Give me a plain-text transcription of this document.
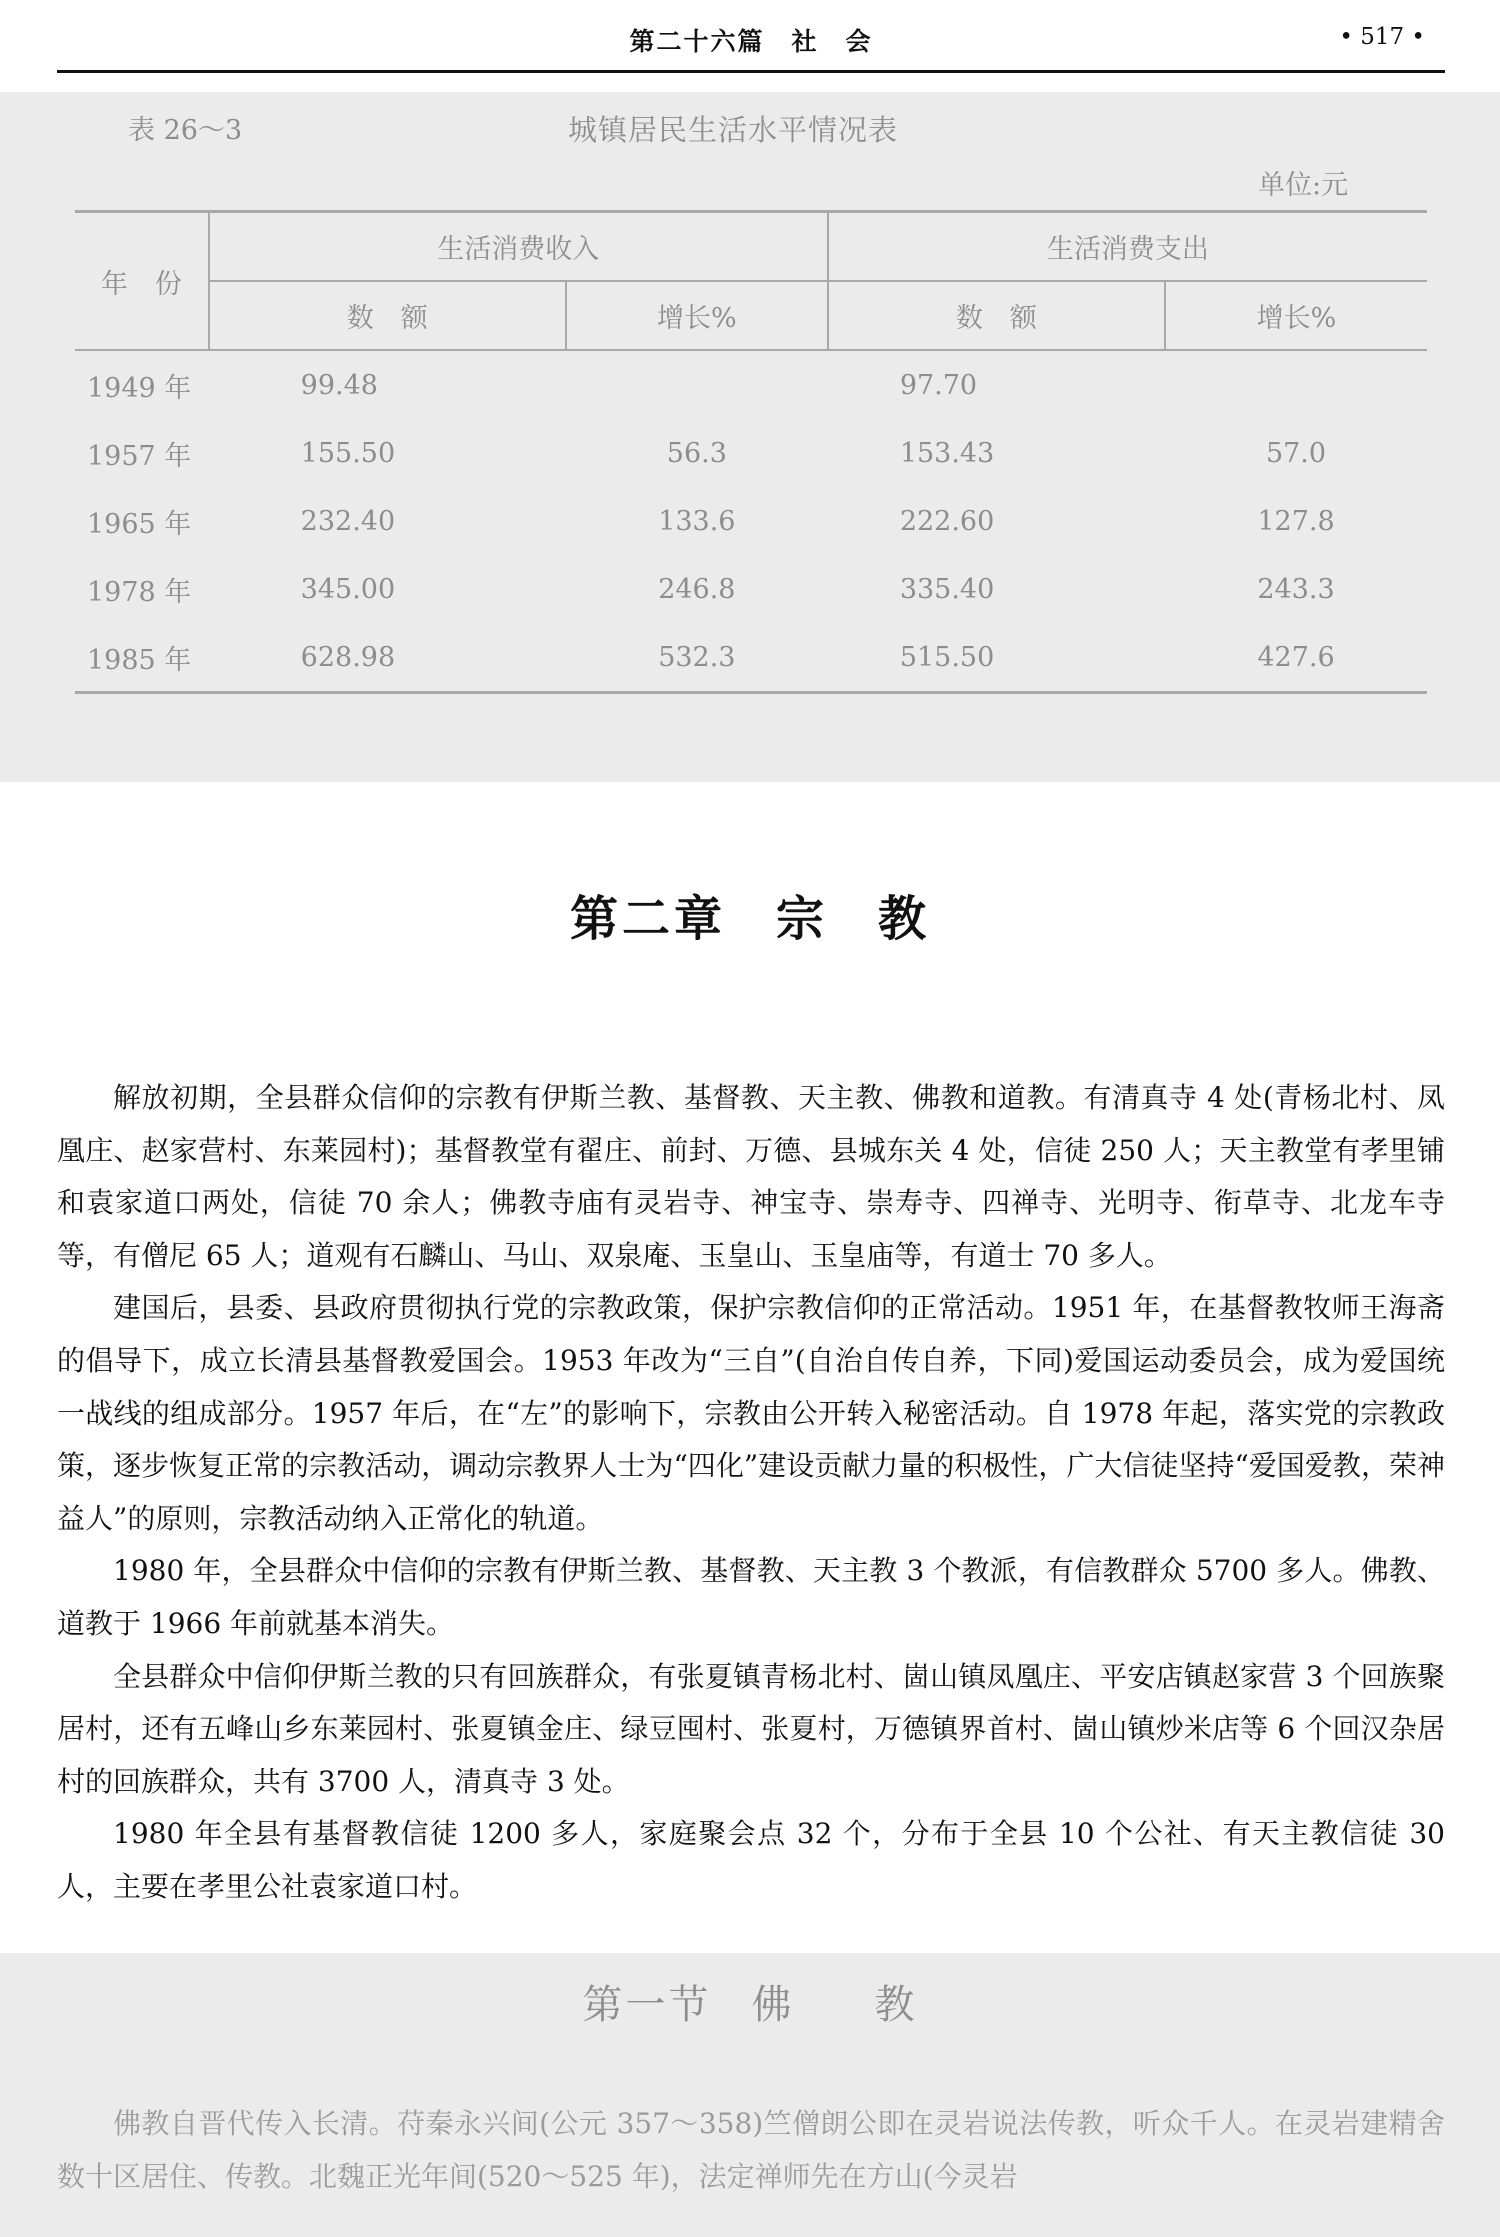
第二十六篇　社　会	• 517 •
表 26～3	城镇居民生活水平情况表
单位:元
年　份	生活消费收入		生活消费支出	
	数　额	增长%	数　额	增长%
1949 年	99.48		97.70	
1957 年	155.50	56.3	153.43	57.0
1965 年	232.40	133.6	222.60	127.8
1978 年	345.00	246.8	335.40	243.3
1985 年	628.98	532.3	515.50	427.6
第二章 宗 教

解放初期，全县群众信仰的宗教有伊斯兰教、基督教、天主教、佛教和道教。有清真寺 4 处(青杨北村、凤凰庄、赵家营村、东莱园村)；基督教堂有翟庄、前封、万德、县城东关 4 处，信徒 250 人；天主教堂有孝里铺和袁家道口两处，信徒 70 余人；佛教寺庙有灵岩寺、神宝寺、崇寿寺、四禅寺、光明寺、衔草寺、北龙车寺等，有僧尼 65 人；道观有石麟山、马山、双泉庵、玉皇山、玉皇庙等，有道士 70 多人。

建国后，县委、县政府贯彻执行党的宗教政策，保护宗教信仰的正常活动。1951 年，在基督教牧师王海斋的倡导下，成立长清县基督教爱国会。1953 年改为“三自”(自治自传自养，下同)爱国运动委员会，成为爱国统一战线的组成部分。1957 年后，在“左”的影响下，宗教由公开转入秘密活动。自 1978 年起，落实党的宗教政策，逐步恢复正常的宗教活动，调动宗教界人士为“四化”建设贡献力量的积极性，广大信徒坚持“爱国爱教，荣神益人”的原则，宗教活动纳入正常化的轨道。

1980 年，全县群众中信仰的宗教有伊斯兰教、基督教、天主教 3 个教派，有信教群众 5700 多人。佛教、道教于 1966 年前就基本消失。

全县群众中信仰伊斯兰教的只有回族群众，有张夏镇青杨北村、崮山镇凤凰庄、平安店镇赵家营 3 个回族聚居村，还有五峰山乡东莱园村、张夏镇金庄、绿豆囤村、张夏村，万德镇界首村、崮山镇炒米店等 6 个回汉杂居村的回族群众，共有 3700 人，清真寺 3 处。

1980 年全县有基督教信徒 1200 多人，家庭聚会点 32 个，分布于全县 10 个公社、有天主教信徒 30 人，主要在孝里公社袁家道口村。

第一节 佛 教

佛教自晋代传入长清。苻秦永兴间(公元 357～358)竺僧朗公即在灵岩说法传教，听众千人。在灵岩建精舍数十区居住、传教。北魏正光年间(520～525 年)，法定禅师先在方山(今灵岩
